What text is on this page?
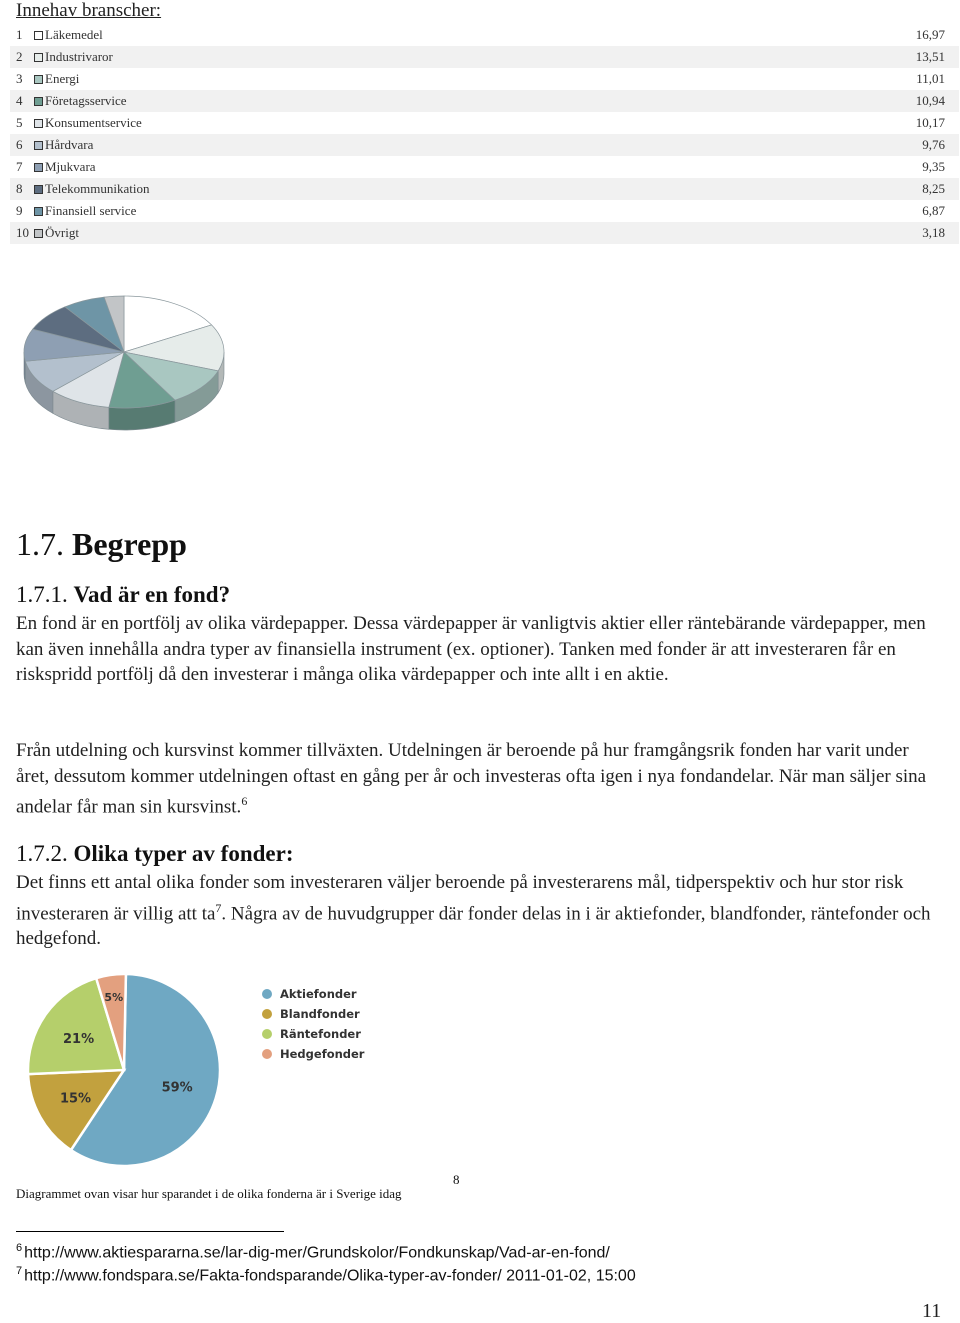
Innehav branscher:
1	Läkemedel	16,97
2	Industrivaror	13,51
3	Energi	11,01
4	Företagsservice	10,94
5	Konsumentservice	10,17
6	Hårdvara	9,76
7	Mjukvara	9,35
8	Telekommunikation	8,25
9	Finansiell service	6,87
10 Övrigt	3,18
1.7. Begrepp
1.7.1. Vad är en fond?
En fond är en portfölj av olika värdepapper. Dessa värdepapper är vanligtvis aktier eller räntebärande värdepapper, men kan även innehålla andra typer av finansiella instrument (ex. optioner). Tanken med fonder är att investeraren får en riskspridd portfölj då den investerar i många olika värdepapper och inte allt i en aktie.
Från utdelning och kursvinst kommer tillväxten. Utdelningen är beroende på hur framgångsrik fonden har varit under året, dessutom kommer utdelningen oftast en gång per år och investeras ofta igen i nya fondandelar. När man säljer sina andelar får man sin kursvinst.$^6$
1.7.2. Olika typer av fonder:
Det finns ett antal olika fonder som investeraren väljer beroende på investerarens mål, tidperspektiv och hur stor risk investeraren är villig att $ta^7$. Några av de huvudgrupper där fonder delas in i är aktiefonder, blandfonder, räntefonder och hedgefond.
59%
15%
21%
5%	Aktiefonder
Blandfonder
Räntefonder
Hedgefonder
Diagrammet ovan visar hur sparandet i de olika fonderna är i Sverige idag
8
$^6$ http://www.aktiespararna.se/lar-dig-mer/Grundskolor/Fondkunskap/Vad-ar-en-fond/
$^7$ http://www.fondspara.se/Fakta-fondsparande/Olika-typer-av-fonder/ 2011-01-02, 15:00
11
